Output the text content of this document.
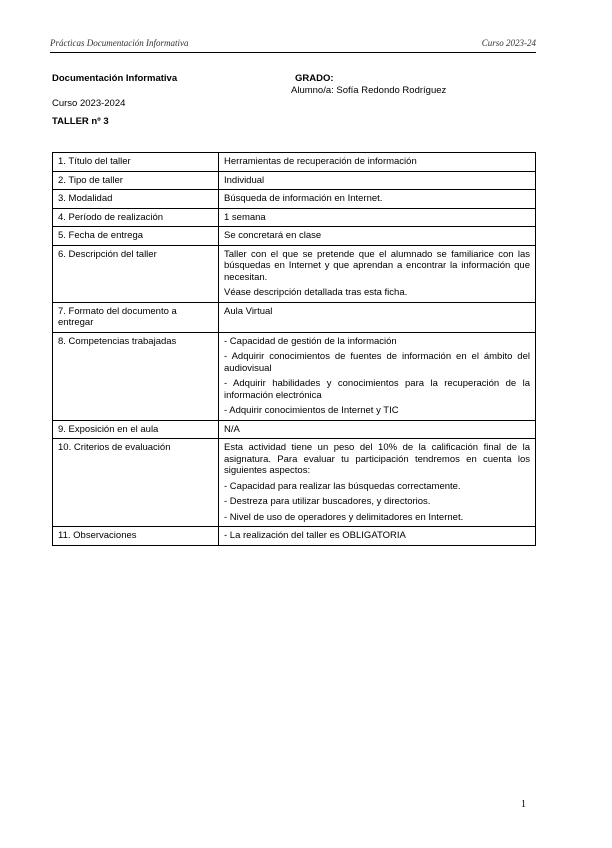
Prácticas Documentación Informativa	Curso 2023-24
Documentación Informativa	GRADO:
Alumno/a: Sofía Redondo Rodríguez
Curso 2023-2024
TALLER nº 3
1. Título del taller	Herramientas de recuperación de información

2. Tipo de taller	Individual

3. Modalidad	Búsqueda de información en Internet.

4. Período de realización	1 semana

5. Fecha de entrega	Se concretará en clase

6. Descripción del taller	Taller con el que se pretende que el alumnado se familiarice con las búsquedas en Internet y que aprendan a encontrar la información que necesitan.
Véase descripción detallada tras esta ficha.

7. Formato del documento a entregar	Aula Virtual

8. Competencias trabajadas	- Capacidad de gestión de la información
- Adquirir conocimientos de fuentes de información en el ámbito del audiovisual
- Adquirir habilidades y conocimientos para la recuperación de la información electrónica
- Adquirir conocimientos de Internet y TIC

9. Exposición en el aula	N/A

10. Criterios de evaluación	Esta actividad tiene un peso del 10% de la calificación final de la asignatura. Para evaluar tu participación tendremos en cuenta los siguientes aspectos:
- Capacidad para realizar las búsquedas correctamente.
- Destreza para utilizar buscadores, y directorios.
- Nivel de uso de operadores y delimitadores en Internet.

11. Observaciones	- La realización del taller es OBLIGATORIA
1
